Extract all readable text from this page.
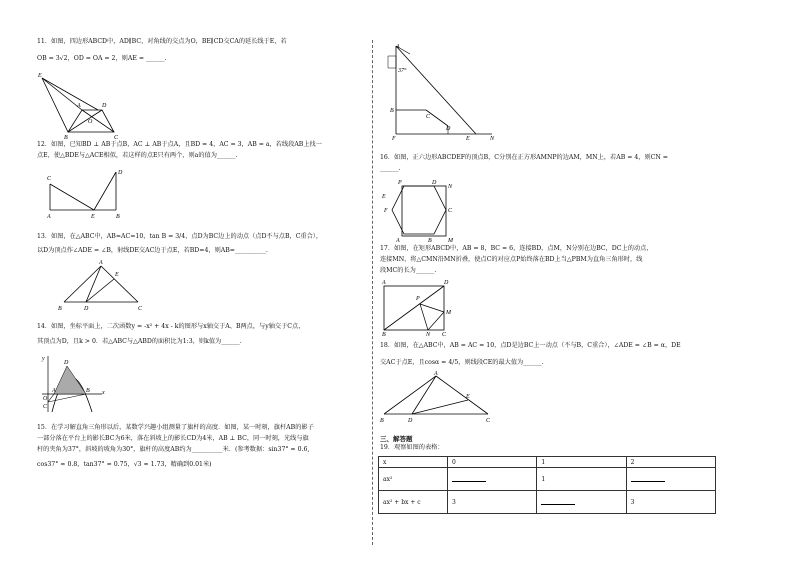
11．如图，四边形ABCD中，AD∥BC，对角线的交点为O，BE∥CD交CA的延长线于E，若
OB = 3√2，OD = OA = 2，则AE = ______.
E
A	D
O
B	C
12．如图，已知BD ⊥ AB于点B，AC ⊥ AB于点A，且BD = 4，AC = 3，AB = a，若线段AB上找一
点E，使△BDE与△ACE相似，若这样的点E只有两个，则a的值为______.
C
D
A	E	B
13．如图，在△ABC中，AB=AC=10，tan B = 3/4，点D为BC边上的动点（点D不与点B，C重合），
以D为顶点作∠ADE = ∠B，射线DE交AC边于点E，若BD=4，则AB=__________.
A
E
B	D	C
14．如图，坐标平面上，二次函数y = -x² + 4x - k的图形与x轴交于A、B两点，与y轴交于C点，
其顶点为D，且k > 0．若△ABC与△ABD的面积比为1:3，则k值为______.
y
D
A	B x
O
C
15．在学习解直角三角形以后，某数学兴趣小组测量了旗杆的高度．如图，某一时刻，旗杆AB的影子
一部分落在平台上的影长BC为6米，落在斜坡上的影长CD为4米，AB ⊥ BC，同一时刻，光线与旗
杆的夹角为37°，斜坡的坡角为30°，旗杆的高度AB约为__________米．(参考数据：sin37° ≈ 0.6,
cos37° ≈ 0.8，tan37° ≈ 0.75，√3 ≈ 1.73，精确到0.01米)
A
37°
B
C
D
F	E	N
16．如图，正六边形ABCDEF的顶点B，C分别在正方形AMNP的边AM，MN上，若AB = 4，则CN =
______.
P	D
N
E
C
F
A	B	M
17．如图，在矩形ABCD中，AB = 8，BC = 6，连接BD，点M，N分别在边BC，DC上的动点，
连接MN，将△CMN沿MN折叠，使点C的对应点P始终落在BD上当△PBM为直角三角形时，线
段MC的长为______.
A	D
P
M
B	N C
18．如图，在△ABC中，AB = AC = 10，点D是边BC上一动点（不与B，C重合），∠ADE = ∠B = α，DE
交AC于点E，且cosα = 4/5，则线段CE的最大值为______.
A
E
B	D	C
三、解答题
19．观察如图的表格：
x	0	1	2
ax²		1	
ax² + bx + c	3		3
